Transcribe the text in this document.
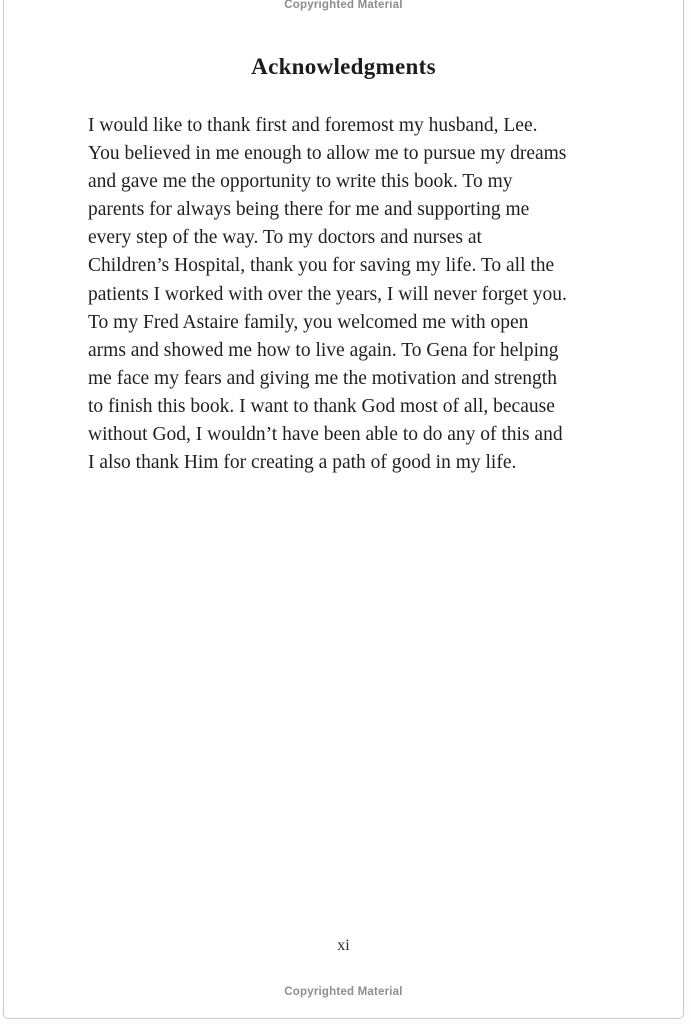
Copyrighted Material
Acknowledgments
I would like to thank first and foremost my husband, Lee.
You believed in me enough to allow me to pursue my dreams
and gave me the opportunity to write this book. To my
parents for always being there for me and supporting me
every step of the way. To my doctors and nurses at
Children’s Hospital, thank you for saving my life. To all the
patients I worked with over the years, I will never forget you.
To my Fred Astaire family, you welcomed me with open
arms and showed me how to live again. To Gena for helping
me face my fears and giving me the motivation and strength
to finish this book. I want to thank God most of all, because
without God, I wouldn’t have been able to do any of this and
I also thank Him for creating a path of good in my life.
xi
Copyrighted Material
